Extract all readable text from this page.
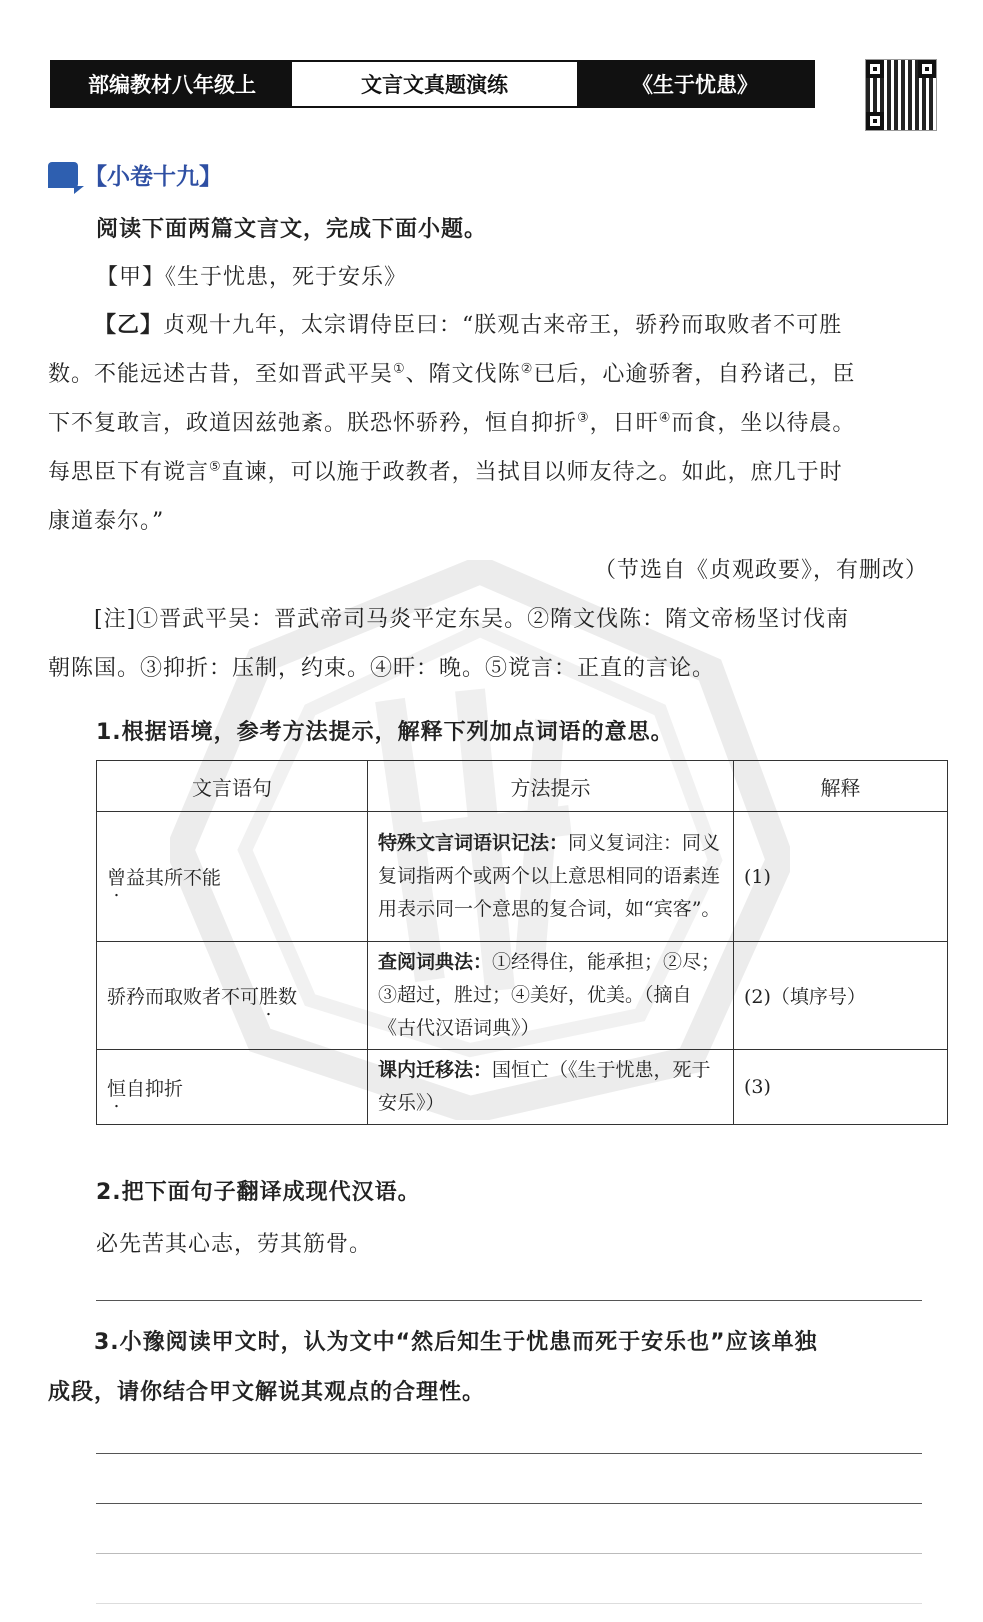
部编教材八年级上	文言文真题演练	《生于忧患》
【小卷十九】
阅读下面两篇文言文，完成下面小题。
【甲】《生于忧患，死于安乐》
  【乙】贞观十九年，太宗谓侍臣曰：“朕观古来帝王，骄矜而取败者不可胜
数。不能远述古昔，至如晋武平吴①、隋文伐陈②已后，心逾骄奢，自矜诸己，臣
下不复敢言，政道因兹弛紊。朕恐怀骄矜，恒自抑折③，日旰④而食，坐以待晨。
每思臣下有谠言⑤直谏，可以施于政教者，当拭目以师友待之。如此，庶几于时
康道泰尔。”
（节选自《贞观政要》，有删改）
  [注]①晋武平吴：晋武帝司马炎平定东吴。②隋文伐陈：隋文帝杨坚讨伐南
朝陈国。③抑折：压制，约束。④旰：晚。⑤谠言：正直的言论。
1.根据语境，参考方法提示，解释下列加点词语的意思。
文言语句	方法提示	解释
曾益其所不能	特殊文言词语识记法：同义复词注：同义复词指两个或两个以上意思相同的语素连用表示同一个意思的复合词，如“宾客”。	(1)
骄矜而取败者不可胜数	查阅词典法：①经得住，能承担；②尽；③超过，胜过；④美好，优美。（摘自《古代汉语词典》）	(2)（填序号）
恒自抑折	课内迁移法：国恒亡（《生于忧患，死于安乐》）	(3)
2.把下面句子翻译成现代汉语。
必先苦其心志，劳其筋骨。
  3.小豫阅读甲文时，认为文中“然后知生于忧患而死于安乐也”应该单独
成段，请你结合甲文解说其观点的合理性。
